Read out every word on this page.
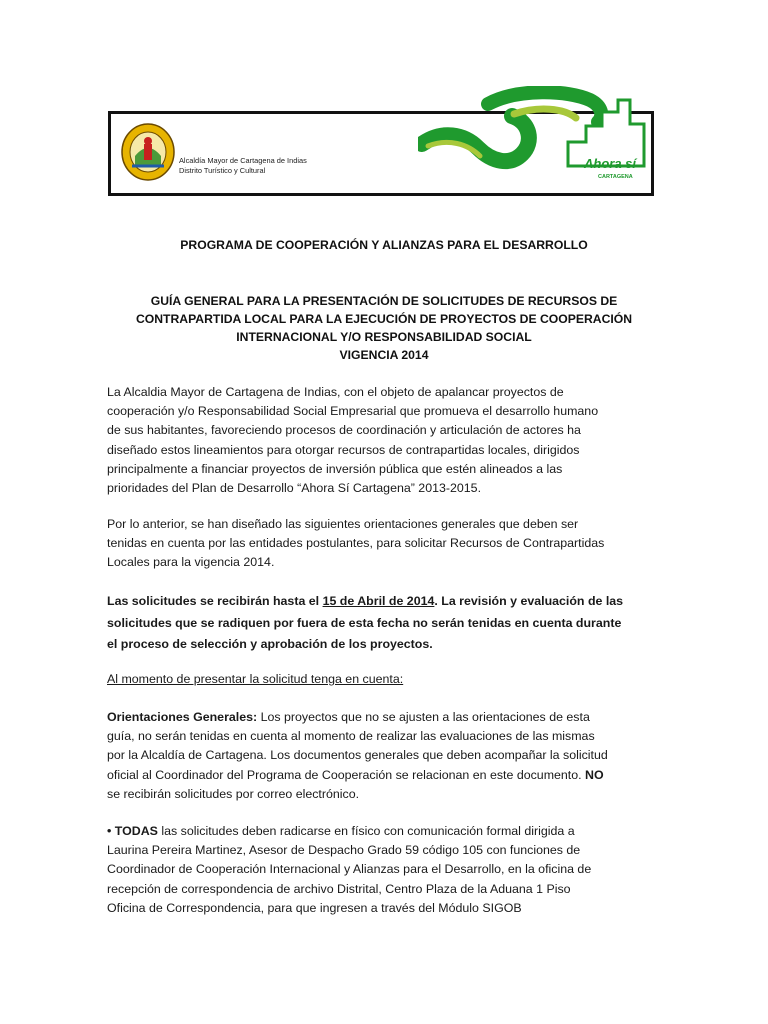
Alcaldía Mayor de Cartagena de Indias
Distrito Turístico y Cultural	Ahora sí
CARTAGENA
PROGRAMA DE COOPERACIÓN Y ALIANZAS PARA EL DESARROLLO
GUÍA GENERAL PARA LA PRESENTACIÓN DE SOLICITUDES DE RECURSOS DE
CONTRAPARTIDA LOCAL PARA LA EJECUCIÓN DE PROYECTOS DE COOPERACIÓN
INTERNACIONAL Y/O RESPONSABILIDAD SOCIAL
VIGENCIA 2014
La Alcaldia Mayor de Cartagena de Indias, con el objeto de apalancar proyectos de
cooperación y/o Responsabilidad Social Empresarial que promueva el desarrollo humano
de sus habitantes, favoreciendo procesos de coordinación y articulación de actores ha
diseñado estos lineamientos para otorgar recursos de contrapartidas locales, dirigidos
principalmente a financiar proyectos de inversión pública que estén alineados a las
prioridades del Plan de Desarrollo “Ahora Sí Cartagena” 2013-2015.
Por lo anterior, se han diseñado las siguientes orientaciones generales que deben ser
tenidas en cuenta por las entidades postulantes, para solicitar Recursos de Contrapartidas
Locales para la vigencia 2014.
Las solicitudes se recibirán hasta el 15 de Abril de 2014. La revisión y evaluación de las
solicitudes que se radiquen por fuera de esta fecha no serán tenidas en cuenta durante
el proceso de selección y aprobación de los proyectos.
Al momento de presentar la solicitud tenga en cuenta:
Orientaciones Generales: Los proyectos que no se ajusten a las orientaciones de esta
guía, no serán tenidas en cuenta al momento de realizar las evaluaciones de las mismas
por la Alcaldía de Cartagena. Los documentos generales que deben acompañar la solicitud
oficial al Coordinador del Programa de Cooperación se relacionan en este documento. NO
se recibirán solicitudes por correo electrónico.
• TODAS las solicitudes deben radicarse en físico con comunicación formal dirigida a
Laurina Pereira Martinez, Asesor de Despacho Grado 59 código 105 con funciones de
Coordinador de Cooperación Internacional y Alianzas para el Desarrollo, en la oficina de
recepción de correspondencia de archivo Distrital, Centro Plaza de la Aduana 1 Piso
Oficina de Correspondencia, para que ingresen a través del Módulo SIGOB
